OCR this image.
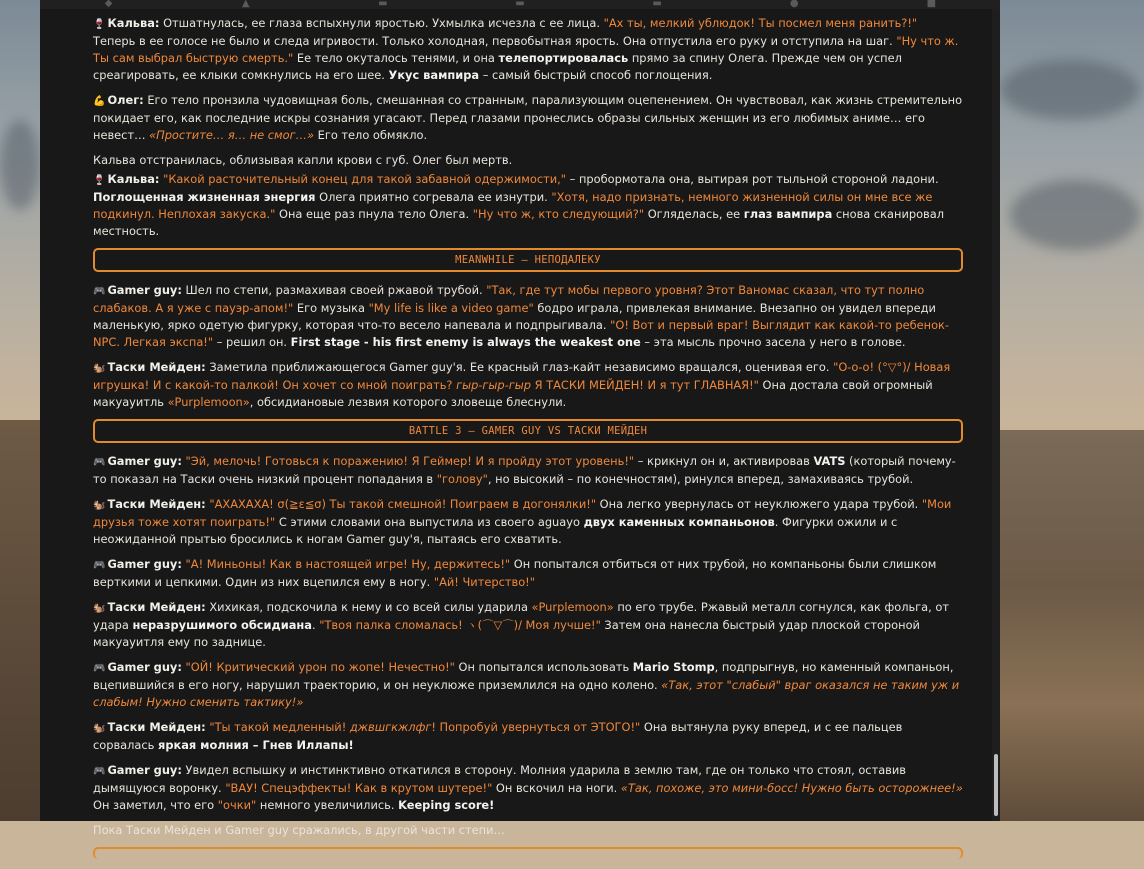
◆	▲	▬	▬	▬	●	■
🍷 Кальва: Отшатнулась, ее глаза вспыхнули яростью. Ухмылка исчезла с ее лица. "Ах ты, мелкий ублюдок! Ты посмел меня ранить?!" Теперь в ее голосе не было и следа игривости. Только холодная, первобытная ярость. Она отпустила его руку и отступила на шаг. "Ну что ж. Ты сам выбрал быструю смерть." Ее тело окуталось тенями, и она телепортировалась прямо за спину Олега. Прежде чем он успел среагировать, ее клыки сомкнулись на его шее. Укус вампира – самый быстрый способ поглощения.
💪 Олег: Его тело пронзила чудовищная боль, смешанная со странным, парализующим оцепенением. Он чувствовал, как жизнь стремительно покидает его, как последние искры сознания угасают. Перед глазами пронеслись образы сильных женщин из его любимых аниме… его невест… «Простите… я… не смог…» Его тело обмякло.
Кальва отстранилась, облизывая капли крови с губ. Олег был мертв.
🍷 Кальва: "Какой расточительный конец для такой забавной одержимости," – пробормотала она, вытирая рот тыльной стороной ладони. Поглощенная жизненная энергия Олега приятно согревала ее изнутри. "Хотя, надо признать, немного жизненной силы он мне все же подкинул. Неплохая закуска." Она еще раз пнула тело Олега. "Ну что ж, кто следующий?" Огляделась, ее глаз вампира снова сканировал местность.
MEANWHILE – НЕПОДАЛЕКУ
🎮 Gamer guy: Шел по степи, размахивая своей ржавой трубой. "Так, где тут мобы первого уровня? Этот Ваномас сказал, что тут полно слабаков. А я уже с пауэр-апом!" Его музыка "My life is like a video game" бодро играла, привлекая внимание. Внезапно он увидел впереди маленькую, ярко одетую фигурку, которая что-то весело напевала и подпрыгивала. "О! Вот и первый враг! Выглядит как какой-то ребенок-NPC. Легкая экспа!" – решил он. First stage - his first enemy is always the weakest one – эта мысль прочно засела у него в голове.
🐿️ Таски Мейден: Заметила приближающегося Gamer guy'я. Ее красный глаз-кайт независимо вращался, оценивая его. "О-о-о! (°▽°)/ Новая игрушка! И с какой-то палкой! Он хочет со мной поиграть? гыр-гыр-гыр Я ТАСКИ МЕЙДЕН! И я тут ГЛАВНАЯ!" Она достала свой огромный макуауитль «Purplemoon», обсидиановые лезвия которого зловеще блеснули.
BATTLE 3 – GAMER GUY VS ТАСКИ МЕЙДЕН
🎮 Gamer guy: "Эй, мелочь! Готовься к поражению! Я Геймер! И я пройду этот уровень!" – крикнул он и, активировав VATS (который почему-то показал на Таски очень низкий процент попадания в "голову", но высокий – по конечностям), ринулся вперед, замахиваясь трубой.
🐿️ Таски Мейден: "АХАХАХА! σ(≧ε≦σ) Ты такой смешной! Поиграем в догонялки!" Она легко увернулась от неуклюжего удара трубой. "Мои друзья тоже хотят поиграть!" С этими словами она выпустила из своего aguayo двух каменных компаньонов. Фигурки ожили и с неожиданной прытью бросились к ногам Gamer guy'я, пытаясь его схватить.
🎮 Gamer guy: "А! Миньоны! Как в настоящей игре! Ну, держитесь!" Он попытался отбиться от них трубой, но компаньоны были слишком верткими и цепкими. Один из них вцепился ему в ногу. "Ай! Читерство!"
🐿️ Таски Мейден: Хихикая, подскочила к нему и со всей силы ударила «Purplemoon» по его трубе. Ржавый металл согнулся, как фольга, от удара неразрушимого обсидиана. "Твоя палка сломалась! ヽ(⌒▽⌒)/ Моя лучше!" Затем она нанесла быстрый удар плоской стороной макуауитля ему по заднице.
🎮 Gamer guy: "ОЙ! Критический урон по жопе! Нечестно!" Он попытался использовать Mario Stomp, подпрыгнув, но каменный компаньон, вцепившийся в его ногу, нарушил траекторию, и он неуклюже приземлился на одно колено. «Так, этот "слабый" враг оказался не таким уж и слабым! Нужно сменить тактику!»
🐿️ Таски Мейден: "Ты такой медленный! джвшгкжлфг! Попробуй увернуться от ЭТОГО!" Она вытянула руку вперед, и с ее пальцев сорвалась яркая молния – Гнев Иллапы!
🎮 Gamer guy: Увидел вспышку и инстинктивно откатился в сторону. Молния ударила в землю там, где он только что стоял, оставив дымящуюся воронку. "ВАУ! Спецэффекты! Как в крутом шутере!" Он вскочил на ноги. «Так, похоже, это мини-босс! Нужно быть осторожнее!» Он заметил, что его "очки" немного увеличились. Keeping score!
Пока Таски Мейден и Gamer guy сражались, в другой части степи…
